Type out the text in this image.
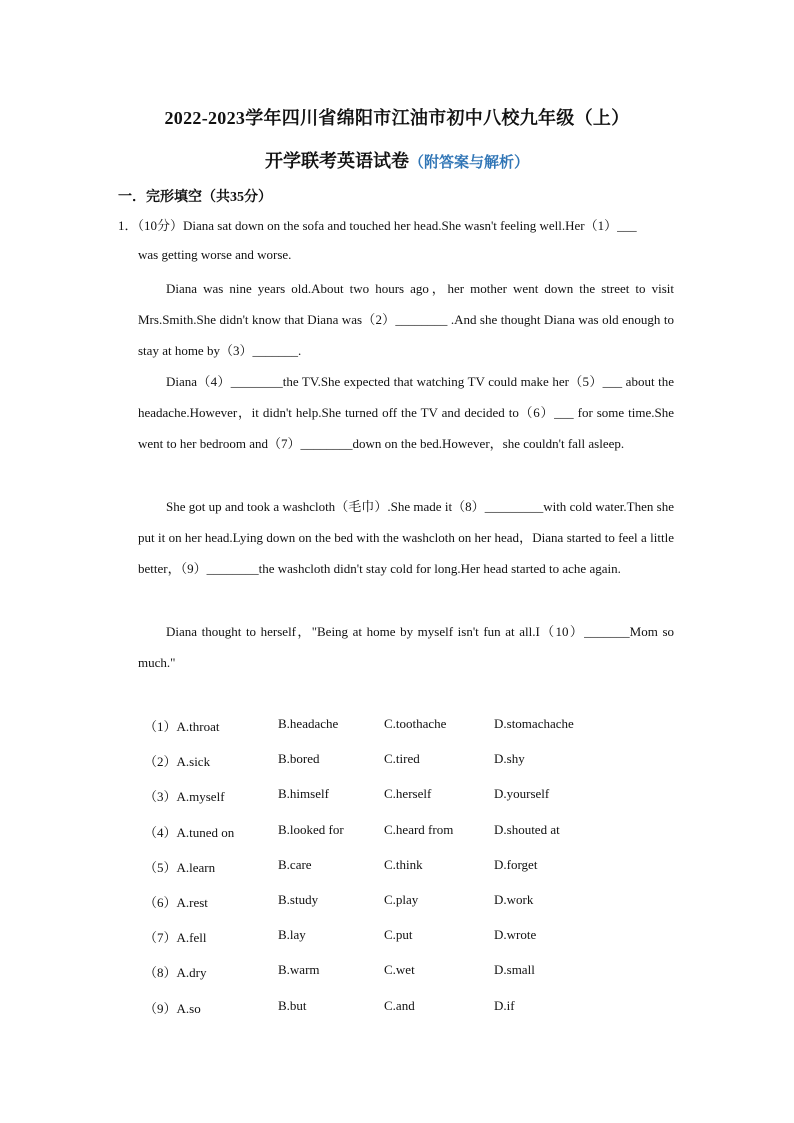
2022-2023学年四川省绵阳市江油市初中八校九年级（上）
开学联考英语试卷（附答案与解析）
一．完形填空（共35分）
1．（10分）Diana sat down on the sofa and touched her head.She wasn't feeling well.Her（1）___
was getting worse and worse.
Diana was nine years old.About two hours ago，her mother went down the street to visit Mrs.Smith.She didn't know that Diana was（2）________ .And she thought Diana was old enough to stay at home by（3）_______.
Diana（4）________the TV.She expected that watching TV could make her（5）___ about the headache.However，it didn't help.She turned off the TV and decided to（6）___ for some time.She went to her bedroom and（7）________down on the bed.However，she couldn't fall asleep.
She got up and took a washcloth（毛巾）.She made it（8）_________with cold water.Then she put it on her head.Lying down on the bed with the washcloth on her head，Diana started to feel a little better，（9）________the washcloth didn't stay cold for long.Her head started to ache again.
Diana thought to herself，"Being at home by myself isn't fun at all.I（10）_______Mom so much."
（1）A.throat	B.headache	C.toothache	D.stomachache
（2）A.sick	B.bored	C.tired	D.shy
（3）A.myself	B.himself	C.herself	D.yourself
（4）A.tuned on	B.looked for	C.heard from	D.shouted at
（5）A.learn	B.care	C.think	D.forget
（6）A.rest	B.study	C.play	D.work
（7）A.fell	B.lay	C.put	D.wrote
（8）A.dry	B.warm	C.wet	D.small
（9）A.so	B.but	C.and	D.if
